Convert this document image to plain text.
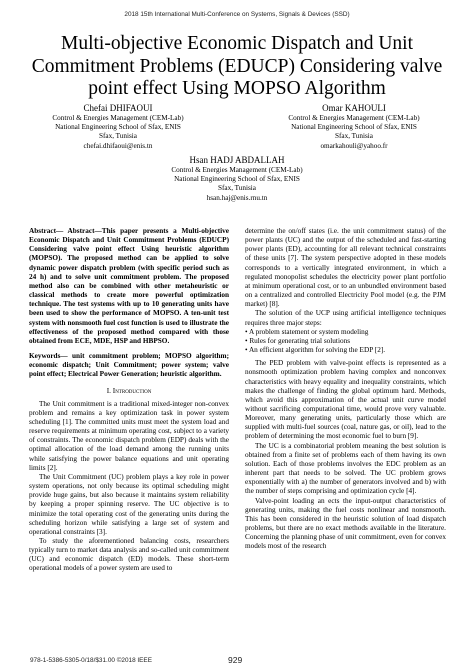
2018 15th International Multi-Conference on Systems, Signals & Devices (SSD)
Multi-objective Economic Dispatch and Unit Commitment Problems (EDUCP) Considering valve point effect Using MOPSO Algorithm
Chefai DHIFAOUI
Control & Energies Management (CEM-Lab)
National Engineering School of Sfax, ENIS
Sfax, Tunisia
chefai.dhifaoui@enis.tn
Omar KAHOULI
Control & Energies Management (CEM-Lab)
National Engineering School of Sfax, ENIS
Sfax, Tunisia
omarkahouli@yahoo.fr
Hsan HADJ ABDALLAH
Control & Energies Management (CEM-Lab)
National Engineering School of Sfax, ENIS
Sfax, Tunisia
hsan.haj@enis.rnu.tn

Abstract— Abstract—This paper presents a Multi-objective Economic Dispatch and Unit Commitment Problems (EDUCP) Considering valve point effect Using heuristic algorithm (MOPSO). The proposed method can be applied to solve dynamic power dispatch problem (with specific period such as 24 h) and to solve unit commitment problem. The proposed method also can be combined with other metaheuristic or classical methods to create more powerful optimization technique. The test systems with up to 10 generating units have been used to show the performance of MOPSO. A ten-unit test system with nonsmooth fuel cost function is used to illustrate the effectiveness of the proposed method compared with those obtained from ECE, MDE, HSP and HBPSO.

Keywords— unit commitment problem; MOPSO algorithm; economic dispatch; Unit Commitment; power system; valve point effect; Electrical Power Generation; heuristic algorithm.

I. Introduction

The Unit commitment is a traditional mixed-integer non-convex problem and remains a key optimization task in power system scheduling [1]. The committed units must meet the system load and reserve requirements at minimum operating cost, subject to a variety of constraints. The economic dispatch problem (EDP) deals with the optimal allocation of the load demand among the running units while satisfying the power balance equations and unit operating limits [2].

The Unit Commitment (UC) problem plays a key role in power system operations, not only because its optimal scheduling might provide huge gains, but also because it maintains system reliability by keeping a proper spinning reserve. The UC objective is to minimize the total operating cost of the generating units during the scheduling horizon while satisfying a large set of system and operational constraints [3].

To study the aforementioned balancing costs, researchers typically turn to market data analysis and so-called unit commitment (UC) and economic dispatch (ED) models. These short-term operational models of a power system are used to

determine the on/off states (i.e. the unit commitment status) of the power plants (UC) and the output of the scheduled and fast-starting power plants (ED), accounting for all relevant technical constraints of these units [7]. The system perspective adopted in these models corresponds to a vertically integrated environment, in which a regulated monopolist schedules the electricity power plant portfolio at minimum operational cost, or to an unbundled environment based on a centralized and controlled Electricity Pool model (e.g. the PJM market) [8].

The solution of the UCP using artificial intelligence techniques requires three major steps:

• A problem statement or system modeling
• Rules for generating trial solutions
• An efficient algorithm for solving the EDP [2].

The PED problem with valve-point effects is represented as a nonsmooth optimization problem having complex and nonconvex characteristics with heavy equality and inequality constraints, which makes the challenge of finding the global optimum hard. Methods, which avoid this approximation of the actual unit curve model without sacrificing computational time, would prove very valuable. Moreover, many generating units, particularly those which are supplied with multi-fuel sources (coal, nature gas, or oil), lead to the problem of determining the most economic fuel to burn [9].

The UC is a combinatorial problem meaning the best solution is obtained from a finite set of problems each of them having its own solution. Each of those problems involves the EDC problem as an inherent part that needs to be solved. The UC problem grows exponentially with a) the number of generators involved and b) with the number of steps comprising and optimization cycle [4].

Valve-point loading an ects the input-output characteristics of generating units, making the fuel costs nonlinear and nonsmooth. This has been considered in the heuristic solution of load dispatch problems, but there are no exact methods available in the literature. Concerning the planning phase of unit commitment, even for convex models most of the research

978-1-5386-5305-0/18/$31.00 ©2018 IEEE	929
